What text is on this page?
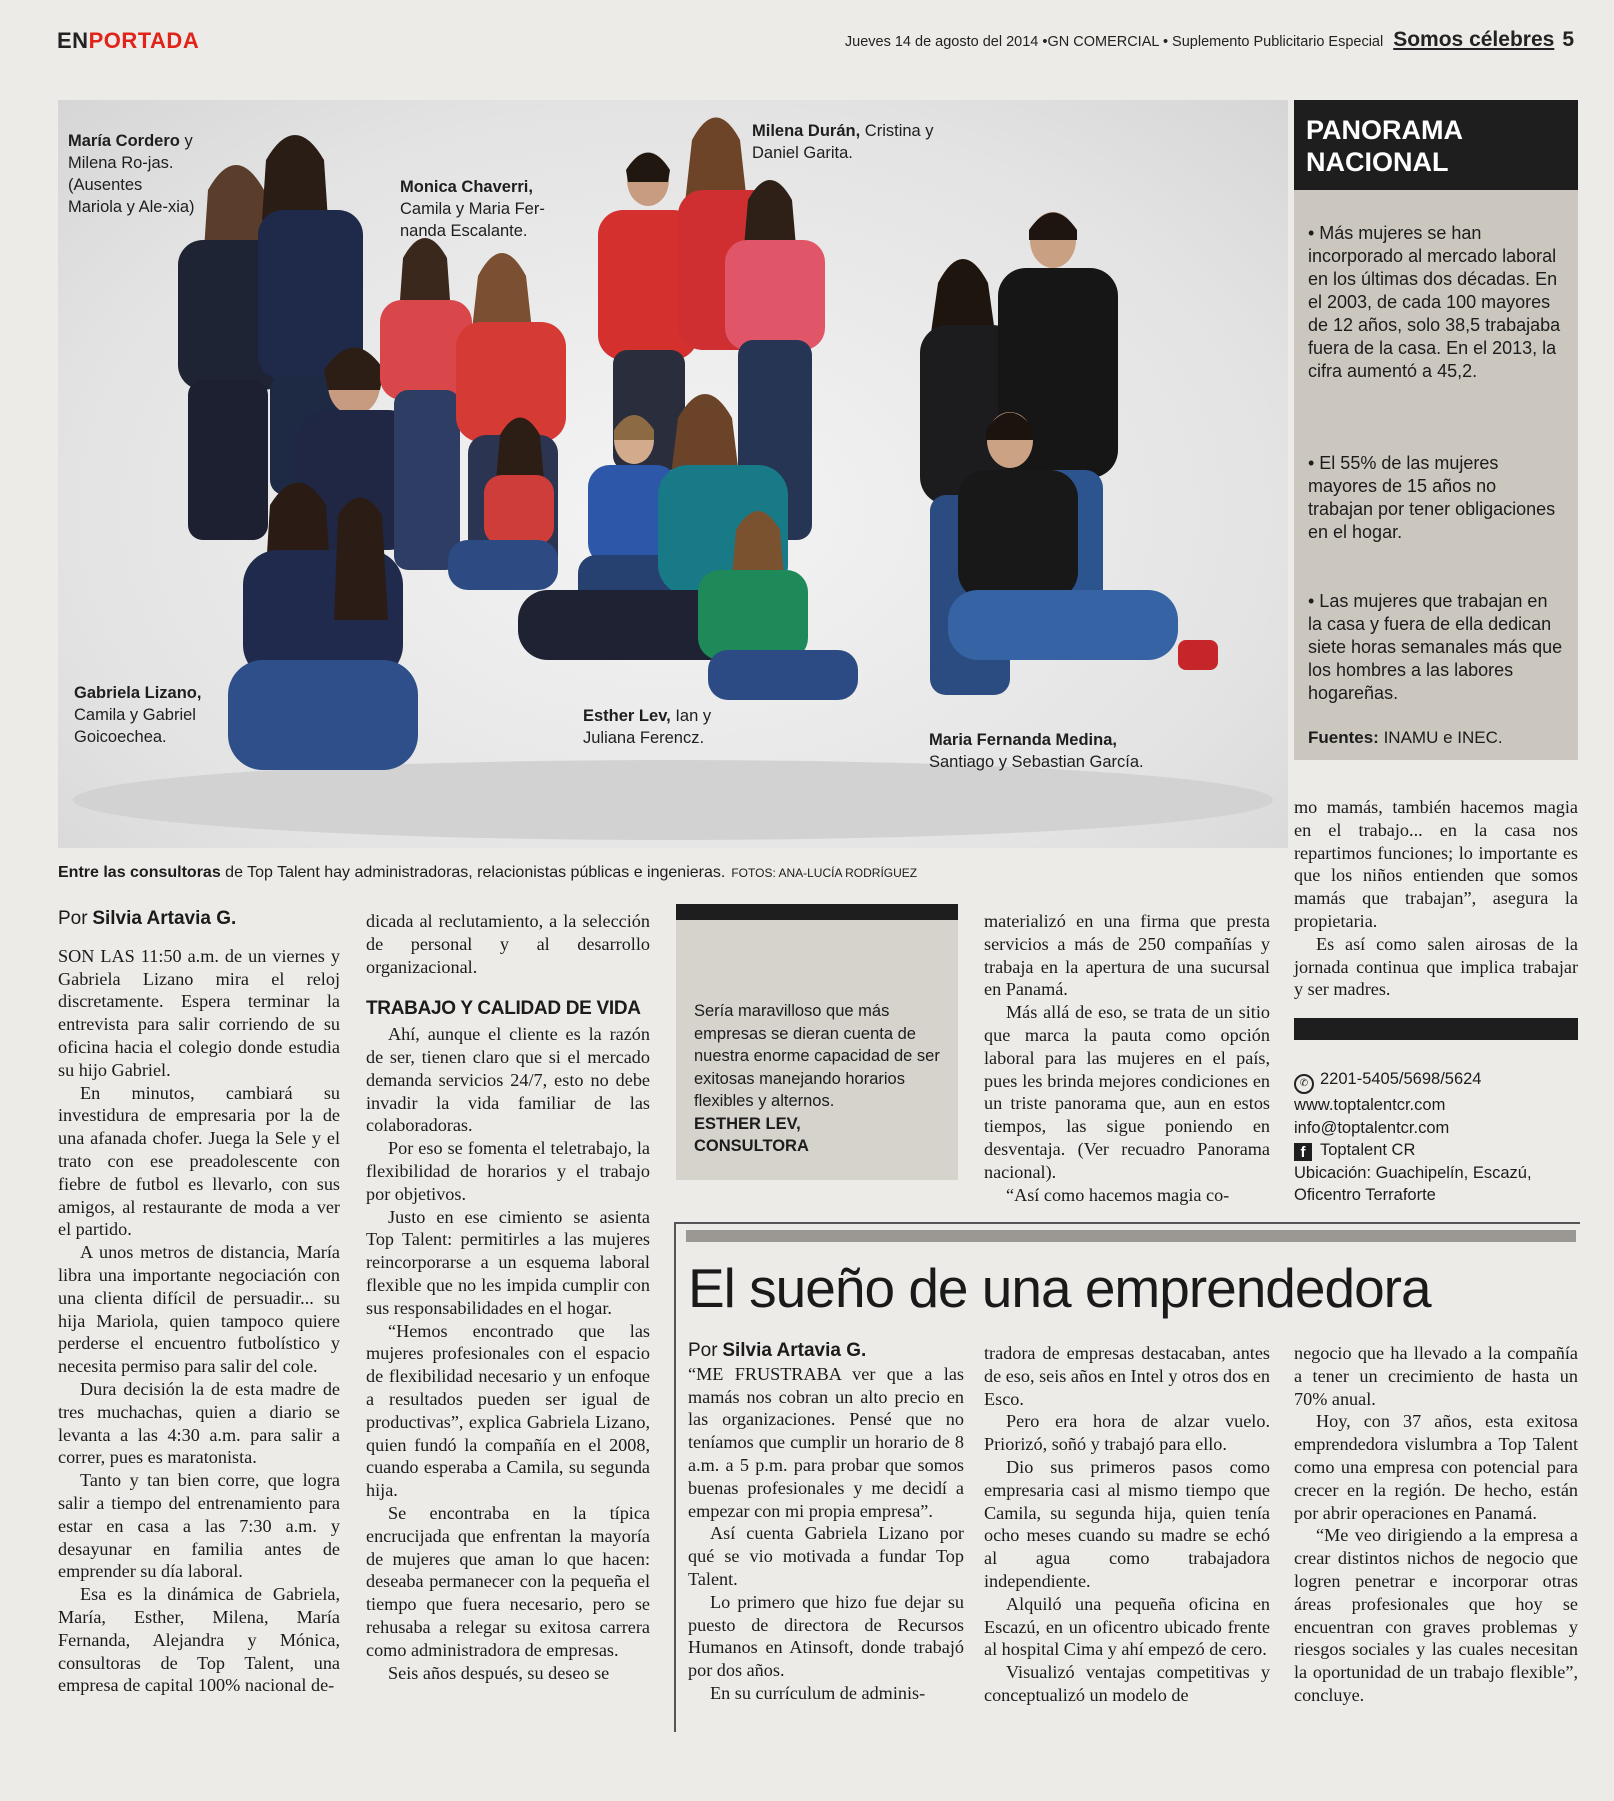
ENPORTADA	Jueves 14 de agosto del 2014 •GN COMERCIAL • Suplemento Publicitario Especial Somos célebres 5
María Cordero y Milena Ro-jas.(Ausentes Mariola y Ale-xia)
Monica Chaverri, Camila y Maria Fer-nanda Escalante.
Milena Durán, Cristina y Daniel Garita.
Gabriela Lizano, Camila y Gabriel Goicoechea.
Esther Lev, Ian y Juliana Ferencz.	Maria Fernanda Medina, Santiago y Sebastian García.
PANORAMA NACIONAL
• Más mujeres se han incorporado al mercado laboral en los últimas dos décadas. En el 2003, de cada 100 mayores de 12 años, solo 38,5 trabajaba fuera de la casa. En el 2013, la cifra aumentó a 45,2.
• El 55% de las mujeres mayores de 15 años no trabajan por tener obligaciones en el hogar.
• Las mujeres que trabajan en la casa y fuera de ella dedican siete horas semanales más que los hombres a las labores hogareñas.
Fuentes: INAMU e INEC.
Entre las consultoras de Top Talent hay administradoras, relacionistas públicas e ingenieras. FOTOS: ANA-LUCÍA RODRÍGUEZ
Por Silvia Artavia G.

SON LAS 11:50 a.m. de un viernes y Gabriela Lizano mira el reloj discretamente. Espera terminar la entrevista para salir corriendo de su oficina hacia el colegio donde estudia su hijo Gabriel.

En minutos, cambiará su investidura de empresaria por la de una afanada chofer. Juega la Sele y el trato con ese preadolescente con fiebre de futbol es llevarlo, con sus amigos, al restaurante de moda a ver el partido.

A unos metros de distancia, María libra una importante negociación con una clienta difícil de persuadir... su hija Mariola, quien tampoco quiere perderse el encuentro futbolístico y necesita permiso para salir del cole.

Dura decisión la de esta madre de tres muchachas, quien a diario se levanta a las 4:30 a.m. para salir a correr, pues es maratonista.

Tanto y tan bien corre, que logra salir a tiempo del entrenamiento para estar en casa a las 7:30 a.m. y desayunar en familia antes de emprender su día laboral.

Esa es la dinámica de Gabriela, María, Esther, Milena, María Fernanda, Alejandra y Mónica, consultoras de Top Talent, una empresa de capital 100% nacional de-

dicada al reclutamiento, a la selección de personal y al desarrollo organizacional.

TRABAJO Y CALIDAD DE VIDA

Ahí, aunque el cliente es la razón de ser, tienen claro que si el mercado demanda servicios 24/7, esto no debe invadir la vida familiar de las colaboradoras.

Por eso se fomenta el teletrabajo, la flexibilidad de horarios y el trabajo por objetivos.

Justo en ese cimiento se asienta Top Talent: permitirles a las mujeres reincorporarse a un esquema laboral flexible que no les impida cumplir con sus responsabilidades en el hogar.

“Hemos encontrado que las mujeres profesionales con el espacio de flexibilidad necesario y un enfoque a resultados pueden ser igual de productivas”, explica Gabriela Lizano, quien fundó la compañía en el 2008, cuando esperaba a Camila, su segunda hija.

Se encontraba en la típica encrucijada que enfrentan la mayoría de mujeres que aman lo que hacen: deseaba permanecer con la pequeña el tiempo que fuera necesario, pero se rehusaba a relegar su exitosa carrera como administradora de empresas.

Seis años después, su deseo se

Sería maravilloso que más empresas se dieran cuenta de nuestra enorme capacidad de ser exitosas manejando horarios flexibles y alternos.
ESTHER LEV,
CONSULTORA

materializó en una firma que presta servicios a más de 250 compañías y trabaja en la apertura de una sucursal en Panamá.

Más allá de eso, se trata de un sitio que marca la pauta como opción laboral para las mujeres en el país, pues les brinda mejores condiciones en un triste panorama que, aun en estos tiempos, las sigue poniendo en desventaja. (Ver recuadro Panorama nacional).

“Así como hacemos magia co-

mo mamás, también hacemos magia en el trabajo... en la casa nos repartimos funciones; lo importante es que los niños entienden que somos mamás que trabajan”, asegura la propietaria.

Es así como salen airosas de la jornada continua que implica trabajar y ser madres.

✆ 2201-5405/5698/5624
www.toptalentcr.com
info@toptalentcr.com
f Toptalent CR
Ubicación: Guachipelín, Escazú, Oficentro Terraforte
El sueño de una emprendedora
Por Silvia Artavia G.

“ME FRUSTRABA ver que a las mamás nos cobran un alto precio en las organizaciones. Pensé que no teníamos que cumplir un horario de 8 a.m. a 5 p.m. para probar que somos buenas profesionales y me decidí a empezar con mi propia empresa”.

Así cuenta Gabriela Lizano por qué se vio motivada a fundar Top Talent.

Lo primero que hizo fue dejar su puesto de directora de Recursos Humanos en Atinsoft, donde trabajó por dos años.

En su currículum de adminis-

tradora de empresas destacaban, antes de eso, seis años en Intel y otros dos en Esco.

Pero era hora de alzar vuelo. Priorizó, soñó y trabajó para ello.

Dio sus primeros pasos como empresaria casi al mismo tiempo que Camila, su segunda hija, quien tenía ocho meses cuando su madre se echó al agua como trabajadora independiente.

Alquiló una pequeña oficina en Escazú, en un oficentro ubicado frente al hospital Cima y ahí empezó de cero.

Visualizó ventajas competitivas y conceptualizó un modelo de

negocio que ha llevado a la compañía a tener un crecimiento de hasta un 70% anual.

Hoy, con 37 años, esta exitosa emprendedora vislumbra a Top Talent como una empresa con potencial para crecer en la región. De hecho, están por abrir operaciones en Panamá.

“Me veo dirigiendo a la empresa a crear distintos nichos de negocio que logren penetrar e incorporar otras áreas profesionales que hoy se encuentran con graves problemas y riesgos sociales y las cuales necesitan la oportunidad de un trabajo flexible”, concluye.
